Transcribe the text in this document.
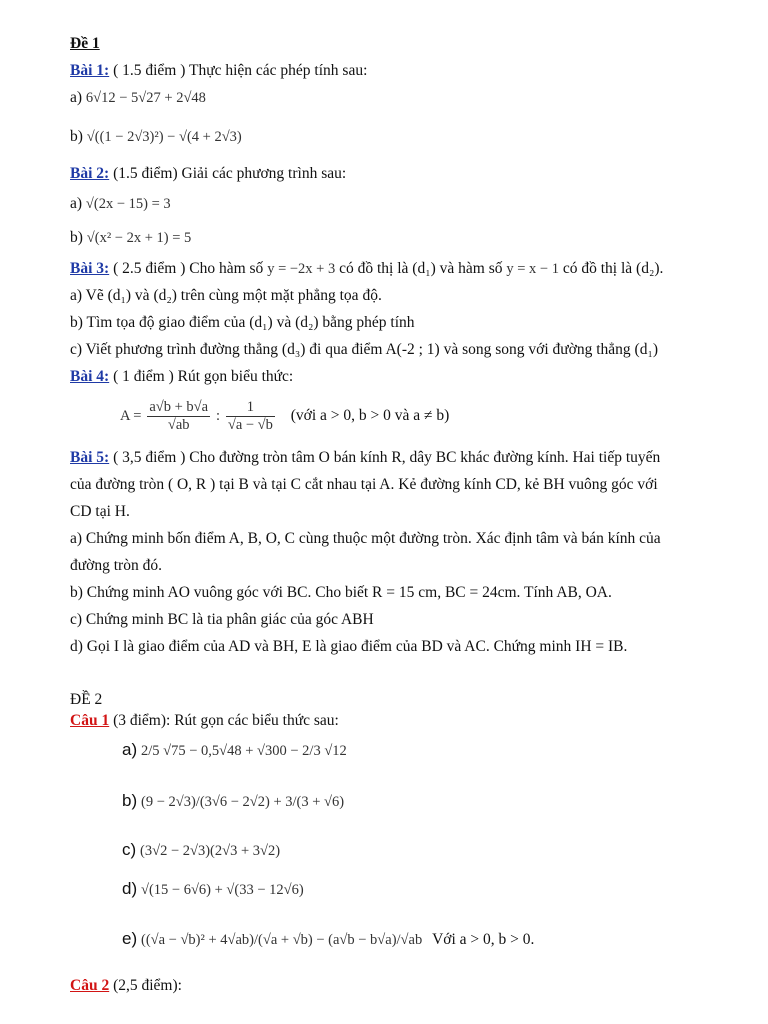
Đề 1
Bài 1: ( 1.5 điểm ) Thực hiện các phép tính sau:
a) 6√12 − 5√27 + 2√48
b) √((1 − 2√3)²) − √(4 + 2√3)
Bài 2: (1.5 điểm) Giải các phương trình sau:
a) √(2x − 15) = 3
b) √(x² − 2x + 1) = 5
Bài 3: ( 2.5 điểm ) Cho hàm số y = −2x + 3 có đồ thị là (d₁) và hàm số y = x − 1 có đồ thị là (d₂).
a) Vẽ (d₁) và (d₂) trên cùng một mặt phẳng tọa độ.
b) Tìm tọa độ giao điểm của (d₁) và (d₂) bằng phép tính
c) Viết phương trình đường thẳng (d₃) đi qua điểm A(-2 ; 1) và song song với đường thẳng (d₁)
Bài 4: ( 1 điểm ) Rút gọn biểu thức:
$A = \frac{a√b + b√a}{√ab}$ : $\frac{1}{√a - √b}$ (với a > 0, b > 0 và a ≠ b)
Bài 5: ( 3,5 điểm ) Cho đường tròn tâm O bán kính R, dây BC khác đường kính. Hai tiếp tuyến
của đường tròn ( O, R ) tại B và tại C cắt nhau tại A. Kẻ đường kính CD, kẻ BH vuông góc với
CD tại H.
a) Chứng minh bốn điểm A, B, O, C cùng thuộc một đường tròn. Xác định tâm và bán kính của
đường tròn đó.
b) Chứng minh AO vuông góc với BC. Cho biết R = 15 cm, BC = 24cm. Tính AB, OA.
c) Chứng minh BC là tia phân giác của góc ABH
d) Gọi I là giao điểm của AD và BH, E là giao điểm của BD và AC. Chứng minh IH = IB.
ĐỀ 2
Câu 1 (3 điểm): Rút gọn các biểu thức sau:
a) 2/5 √75 − 0,5√48 + √300 − 2/3 √12
b) (9 − 2√3)/(3√6 − 2√2) + 3/(3 + √6)
c) (3√2 − 2√3)(2√3 + 3√2)
d) √(15 − 6√6) + √(33 − 12√6)
e) ((√a − √b)² + 4√ab)/(√a + √b) − (a√b − b√a)/√ab Với a > 0, b > 0.
Câu 2 (2,5 điểm):
